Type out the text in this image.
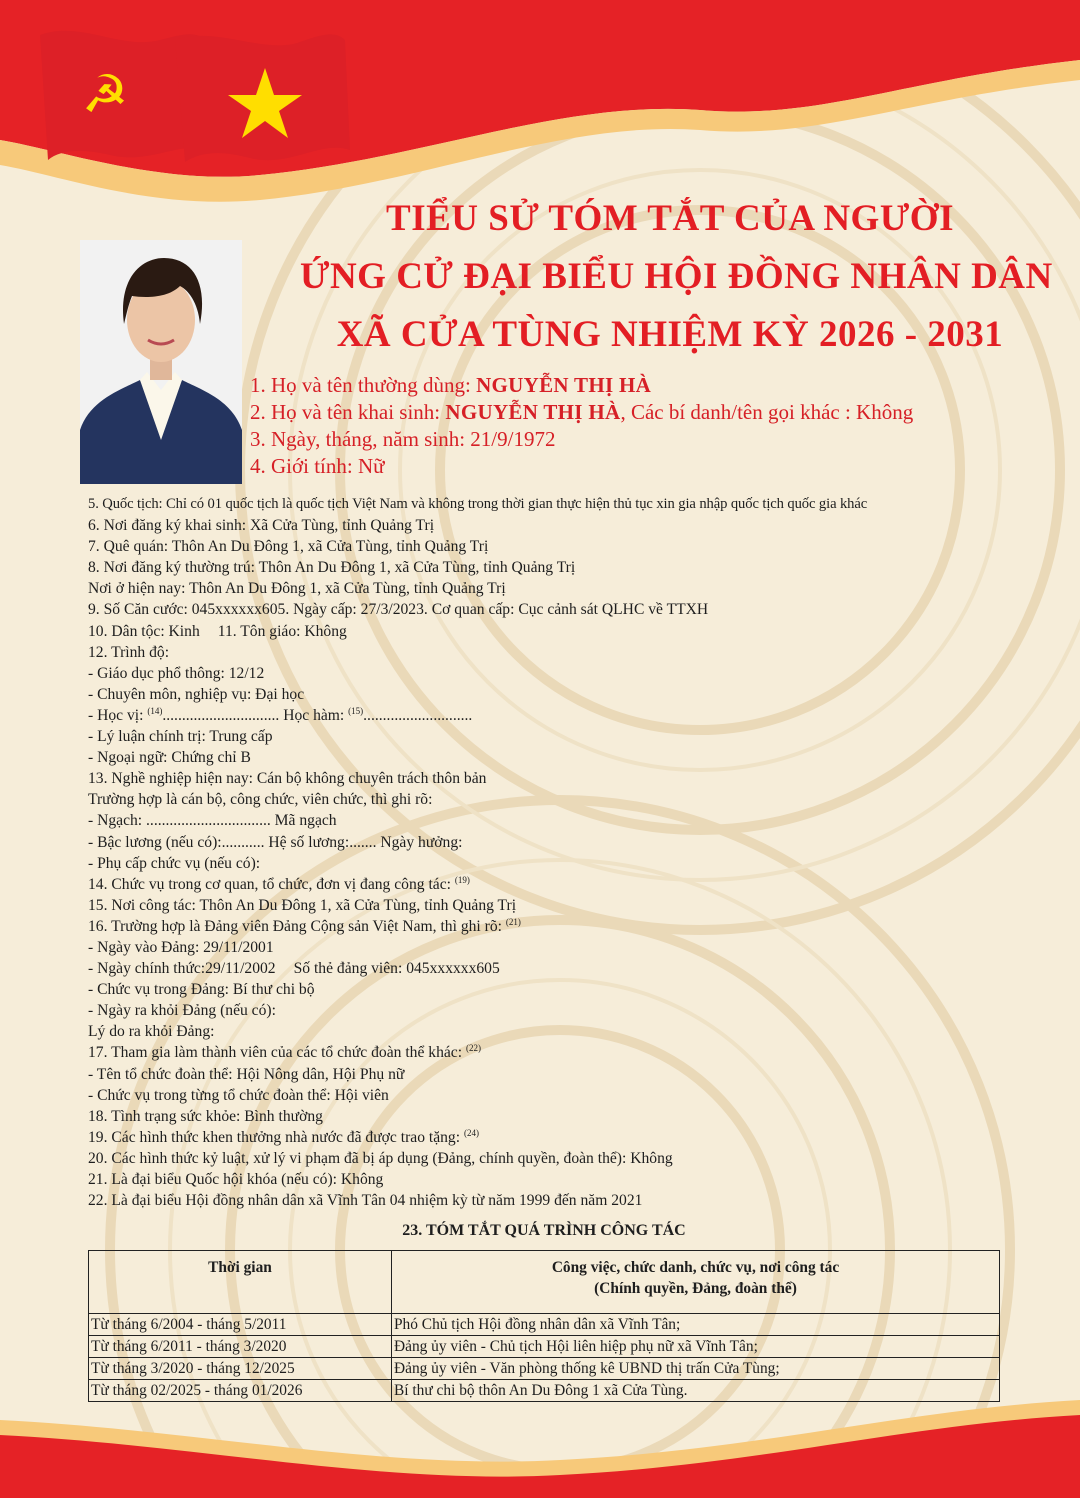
☭
TIỂU SỬ TÓM TẮT CỦA NGƯỜI
ỨNG CỬ ĐẠI BIỂU HỘI ĐỒNG NHÂN DÂN
XÃ CỬA TÙNG NHIỆM KỲ 2026 - 2031
1. Họ và tên thường dùng: NGUYỄN THỊ HÀ
2. Họ và tên khai sinh: NGUYỄN THỊ HÀ, Các bí danh/tên gọi khác : Không
3. Ngày, tháng, năm sinh: 21/9/1972
4. Giới tính: Nữ
5. Quốc tịch: Chỉ có 01 quốc tịch là quốc tịch Việt Nam và không trong thời gian thực hiện thủ tục xin gia nhập quốc tịch quốc gia khác
6. Nơi đăng ký khai sinh: Xã Cửa Tùng, tỉnh Quảng Trị
7. Quê quán: Thôn An Du Đông 1, xã Cửa Tùng, tỉnh Quảng Trị
8. Nơi đăng ký thường trú: Thôn An Du Đông 1, xã Cửa Tùng, tỉnh Quảng Trị
Nơi ở hiện nay: Thôn An Du Đông 1, xã Cửa Tùng, tỉnh Quảng Trị
9. Số Căn cước: 045xxxxxx605. Ngày cấp: 27/3/2023. Cơ quan cấp: Cục cảnh sát QLHC về TTXH
10. Dân tộc: Kinh 11. Tôn giáo: Không
12. Trình độ:
- Giáo dục phổ thông: 12/12
- Chuyên môn, nghiệp vụ: Đại học
- Học vị: $^{(14)}$.............................. Học hàm: $^{(15)}$............................
- Lý luận chính trị: Trung cấp
- Ngoại ngữ: Chứng chỉ B
13. Nghề nghiệp hiện nay: Cán bộ không chuyên trách thôn bản
Trường hợp là cán bộ, công chức, viên chức, thì ghi rõ:
- Ngạch: ................................ Mã ngạch
- Bậc lương (nếu có):........... Hệ số lương:....... Ngày hưởng:
- Phụ cấp chức vụ (nếu có):
14. Chức vụ trong cơ quan, tổ chức, đơn vị đang công tác: $^{(19)}$
15. Nơi công tác: Thôn An Du Đông 1, xã Cửa Tùng, tỉnh Quảng Trị
16. Trường hợp là Đảng viên Đảng Cộng sản Việt Nam, thì ghi rõ: $^{(21)}$
- Ngày vào Đảng: 29/11/2001
- Ngày chính thức:29/11/2002 Số thẻ đảng viên: 045xxxxxx605
- Chức vụ trong Đảng: Bí thư chi bộ
- Ngày ra khỏi Đảng (nếu có):
Lý do ra khỏi Đảng:
17. Tham gia làm thành viên của các tổ chức đoàn thể khác: $^{(22)}$
- Tên tổ chức đoàn thể: Hội Nông dân, Hội Phụ nữ
- Chức vụ trong từng tổ chức đoàn thể: Hội viên
18. Tình trạng sức khỏe: Bình thường
19. Các hình thức khen thưởng nhà nước đã được trao tặng: $^{(24)}$
20. Các hình thức kỷ luật, xử lý vi phạm đã bị áp dụng (Đảng, chính quyền, đoàn thể): Không
21. Là đại biểu Quốc hội khóa (nếu có): Không
22. Là đại biểu Hội đồng nhân dân xã Vĩnh Tân 04 nhiệm kỳ từ năm 1999 đến năm 2021
23. TÓM TẮT QUÁ TRÌNH CÔNG TÁC
Thời gian	Công việc, chức danh, chức vụ, nơi công tác
(Chính quyền, Đảng, đoàn thể)

Từ tháng 6/2004 - tháng 5/2011	Phó Chủ tịch Hội đồng nhân dân xã Vĩnh Tân;
Từ tháng 6/2011 - tháng 3/2020	Đảng ủy viên - Chủ tịch Hội liên hiệp phụ nữ xã Vĩnh Tân;
Từ tháng 3/2020 - tháng 12/2025	Đảng ủy viên - Văn phòng thống kê UBND thị trấn Cửa Tùng;
Từ tháng 02/2025 - tháng 01/2026	Bí thư chi bộ thôn An Du Đông 1 xã Cửa Tùng.
